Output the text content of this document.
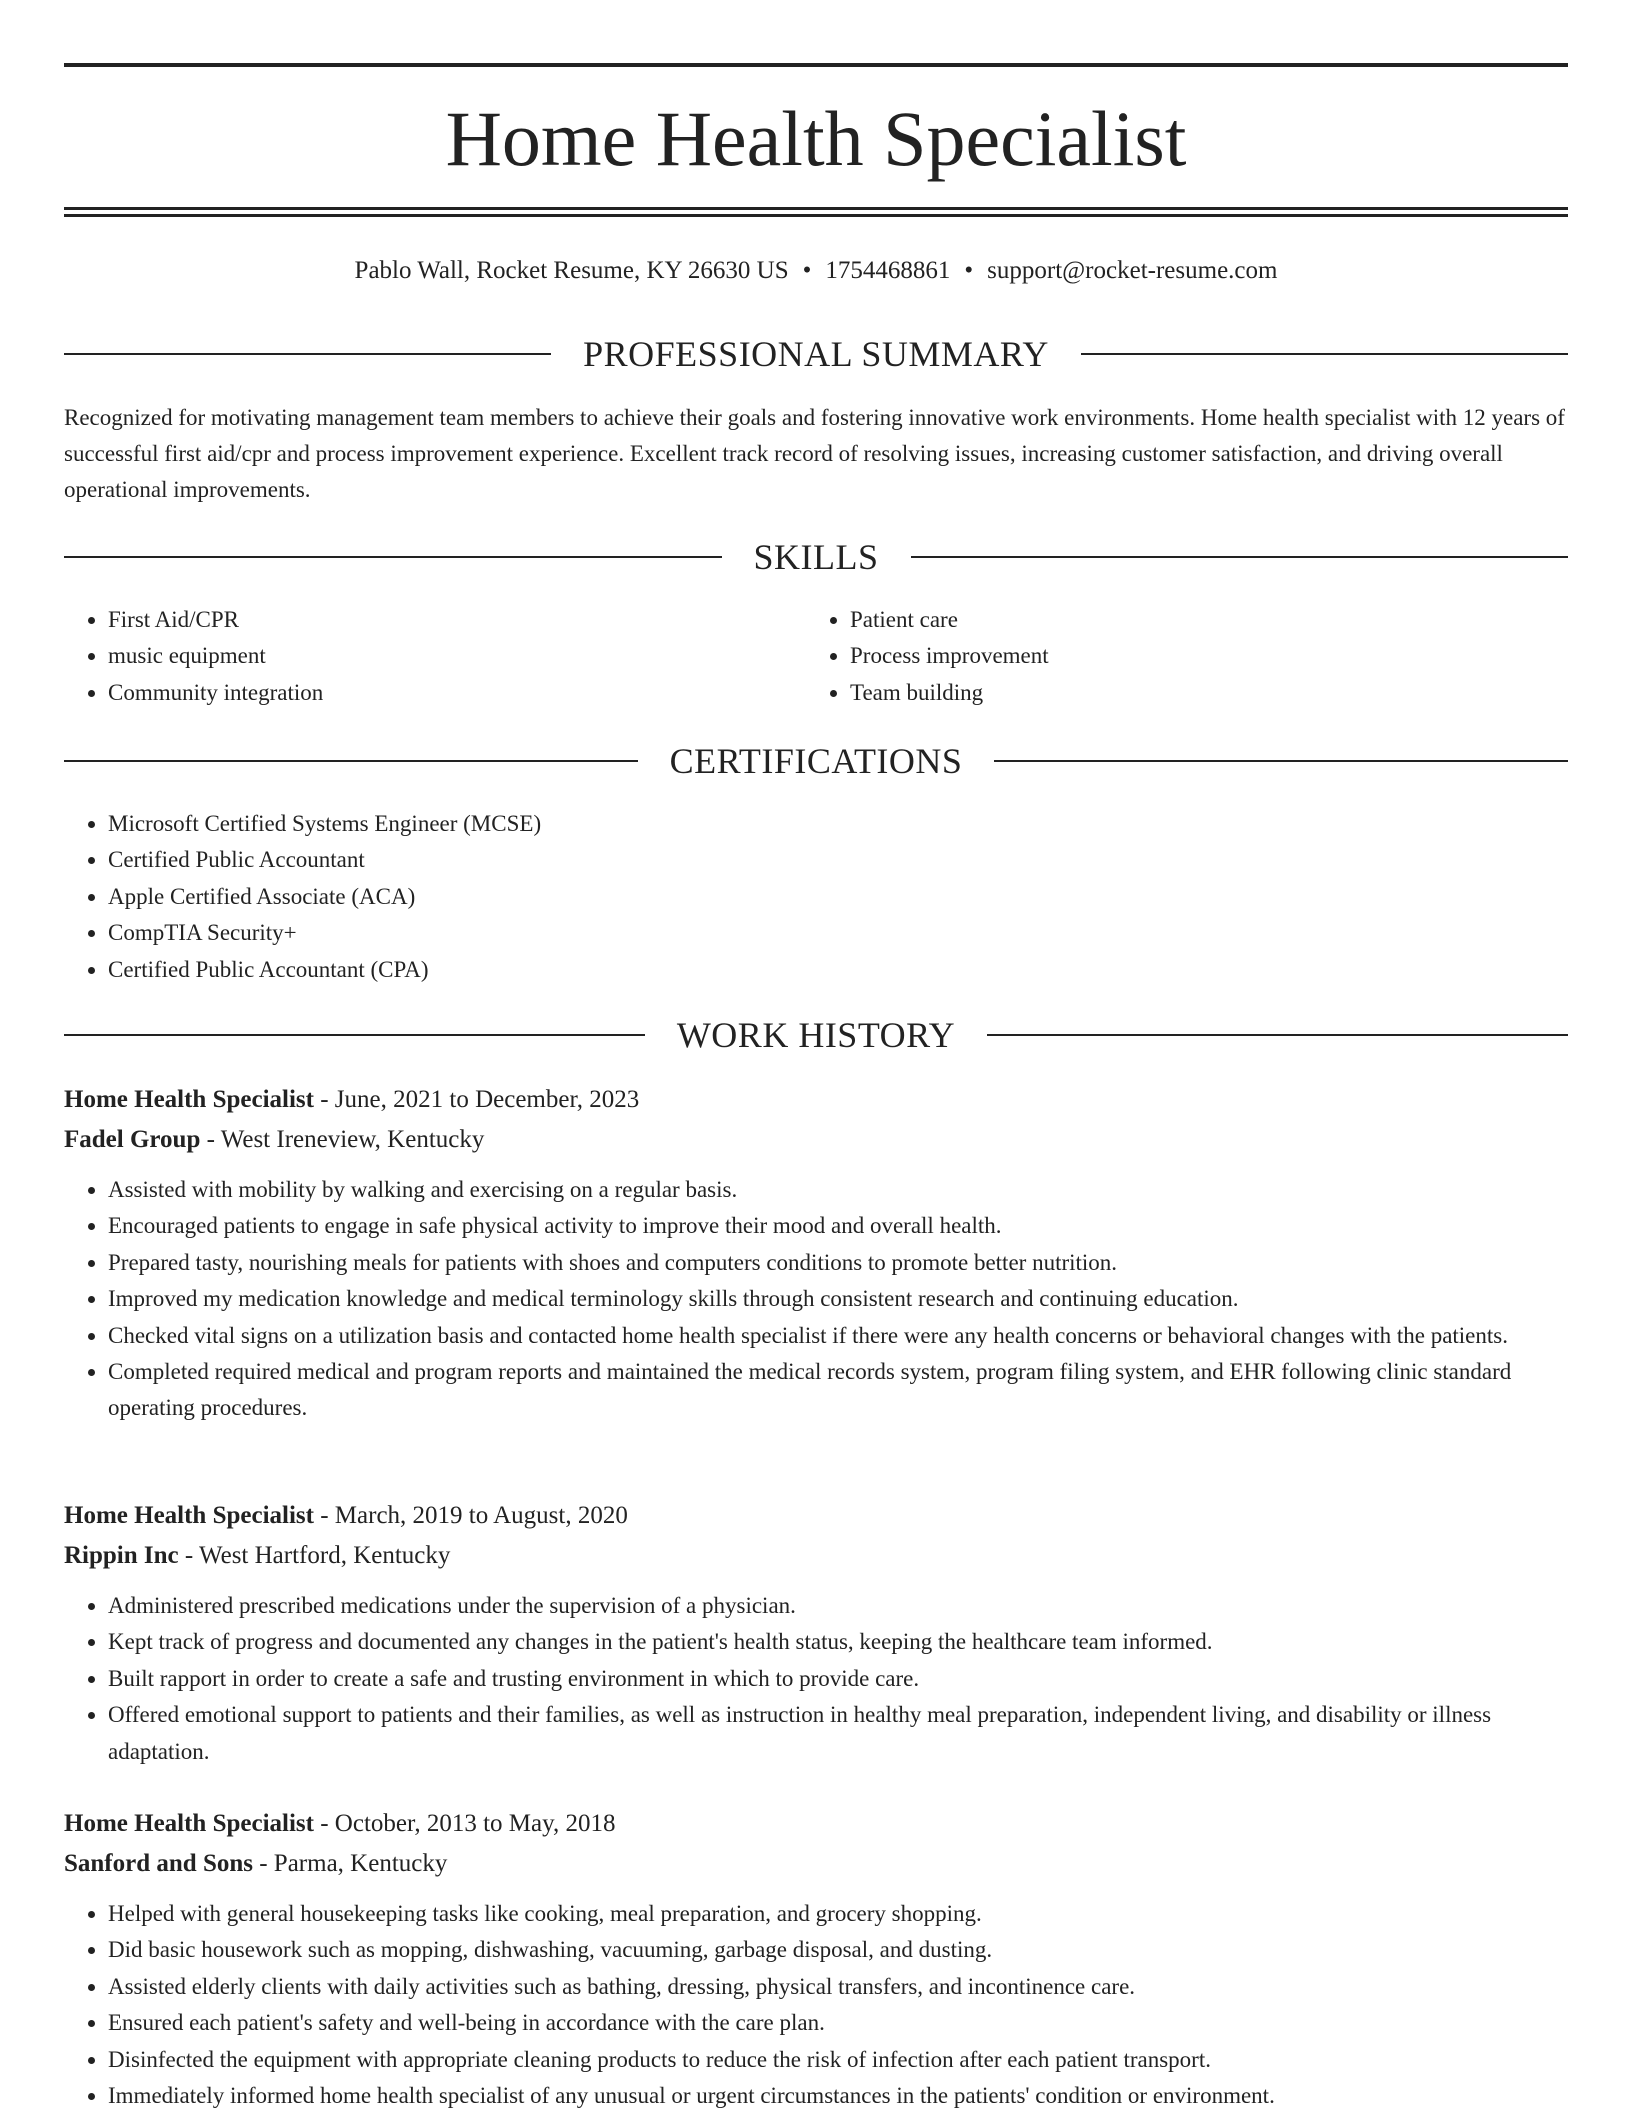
Home Health Specialist
Pablo Wall, Rocket Resume, KY 26630 US • 1754468861 • support@rocket-resume.com
PROFESSIONAL SUMMARY

Recognized for motivating management team members to achieve their goals and fostering innovative work environments. Home health specialist with 12 years of successful first aid/cpr and process improvement experience. Excellent track record of resolving issues, increasing customer satisfaction, and driving overall operational improvements.

SKILLS
• First Aid/CPR
• music equipment
• Community integration
• Patient care
• Process improvement
• Team building
CERTIFICATIONS
• Microsoft Certified Systems Engineer (MCSE)
• Certified Public Accountant
• Apple Certified Associate (ACA)
• CompTIA Security+
• Certified Public Accountant (CPA)
WORK HISTORY
Home Health Specialist - June, 2021 to December, 2023
Fadel Group - West Ireneview, Kentucky
• Assisted with mobility by walking and exercising on a regular basis.
• Encouraged patients to engage in safe physical activity to improve their mood and overall health.
• Prepared tasty, nourishing meals for patients with shoes and computers conditions to promote better nutrition.
• Improved my medication knowledge and medical terminology skills through consistent research and continuing education.
• Checked vital signs on a utilization basis and contacted home health specialist if there were any health concerns or behavioral changes with the patients.
• Completed required medical and program reports and maintained the medical records system, program filing system, and EHR following clinic standard operating procedures.
Home Health Specialist - March, 2019 to August, 2020
Rippin Inc - West Hartford, Kentucky
• Administered prescribed medications under the supervision of a physician.
• Kept track of progress and documented any changes in the patient's health status, keeping the healthcare team informed.
• Built rapport in order to create a safe and trusting environment in which to provide care.
• Offered emotional support to patients and their families, as well as instruction in healthy meal preparation, independent living, and disability or illness adaptation.
Home Health Specialist - October, 2013 to May, 2018
Sanford and Sons - Parma, Kentucky
• Helped with general housekeeping tasks like cooking, meal preparation, and grocery shopping.
• Did basic housework such as mopping, dishwashing, vacuuming, garbage disposal, and dusting.
• Assisted elderly clients with daily activities such as bathing, dressing, physical transfers, and incontinence care.
• Ensured each patient's safety and well-being in accordance with the care plan.
• Disinfected the equipment with appropriate cleaning products to reduce the risk of infection after each patient transport.
• Immediately informed home health specialist of any unusual or urgent circumstances in the patients' condition or environment.
